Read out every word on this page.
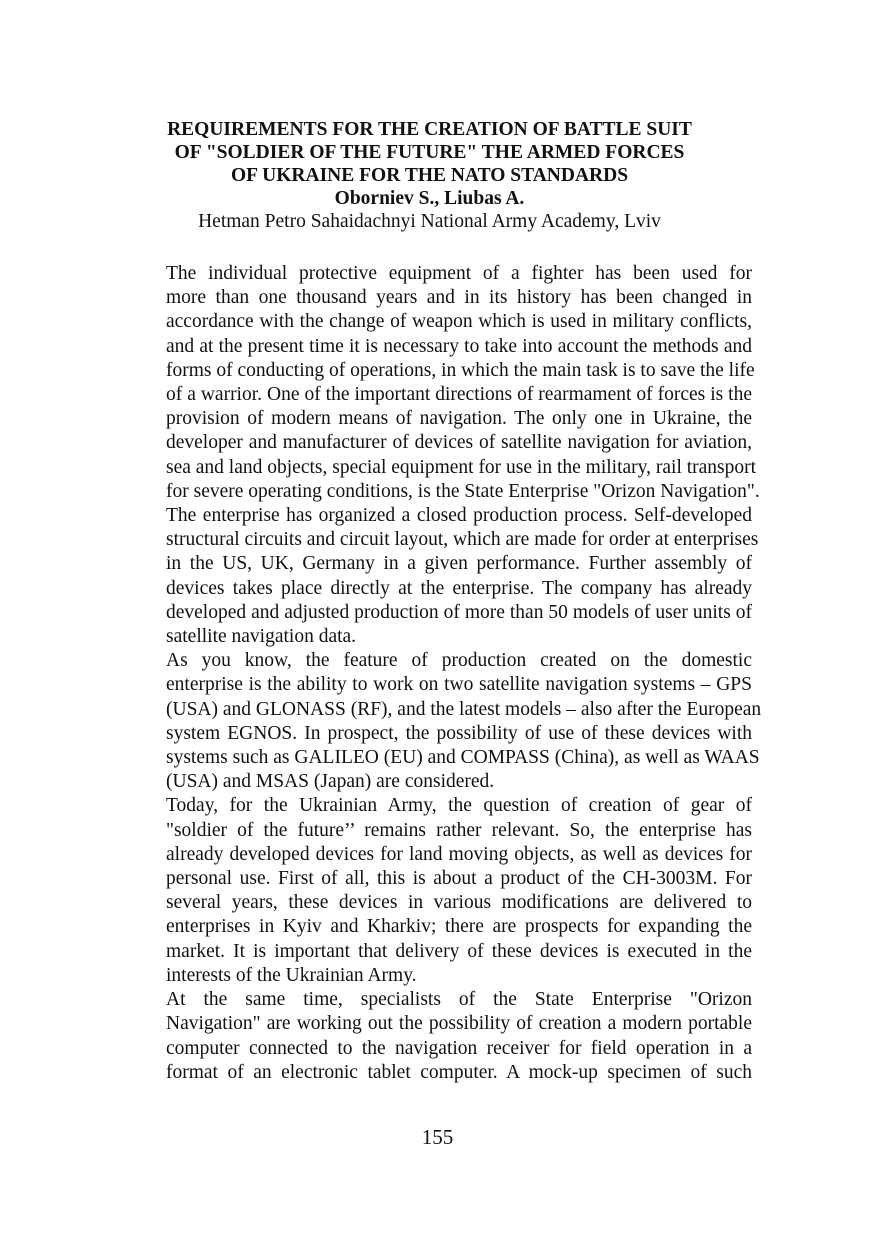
REQUIREMENTS FOR THE CREATION OF BATTLE SUIT
OF "SOLDIER OF THE FUTURE" THE ARMED FORCES
OF UKRAINE FOR THE NATO STANDARDS
Oborniev S., Liubas A.
Hetman Petro Sahaidachnyi National Army Academy, Lviv
The individual protective equipment of a fighter has been used for
more than one thousand years and in its history has been changed in
accordance with the change of weapon which is used in military conflicts,
and at the present time it is necessary to take into account the methods and
forms of conducting of operations, in which the main task is to save the life
of a warrior. One of the important directions of rearmament of forces is the
provision of modern means of navigation. The only one in Ukraine, the
developer and manufacturer of devices of satellite navigation for aviation,
sea and land objects, special equipment for use in the military, rail transport
for severe operating conditions, is the State Enterprise "Orizon Navigation".
The enterprise has organized a closed production process. Self-developed
structural circuits and circuit layout, which are made for order at enterprises
in the US, UK, Germany in a given performance. Further assembly of
devices takes place directly at the enterprise. The company has already
developed and adjusted production of more than 50 models of user units of
satellite navigation data.
As you know, the feature of production created on the domestic
enterprise is the ability to work on two satellite navigation systems – GPS
(USA) and GLONASS (RF), and the latest models – also after the European
system EGNOS. In prospect, the possibility of use of these devices with
systems such as GALILEO (EU) and COMPASS (China), as well as WAAS
(USA) and MSAS (Japan) are considered.
Today, for the Ukrainian Army, the question of creation of gear of
"soldier of the future’’ remains rather relevant. So, the enterprise has
already developed devices for land moving objects, as well as devices for
personal use. First of all, this is about a product of the CH-3003M. For
several years, these devices in various modifications are delivered to
enterprises in Kyiv and Kharkiv; there are prospects for expanding the
market. It is important that delivery of these devices is executed in the
interests of the Ukrainian Army.
At the same time, specialists of the State Enterprise "Orizon
Navigation" are working out the possibility of creation a modern portable
computer connected to the navigation receiver for field operation in a
format of an electronic tablet computer. A mock-up specimen of such
155
